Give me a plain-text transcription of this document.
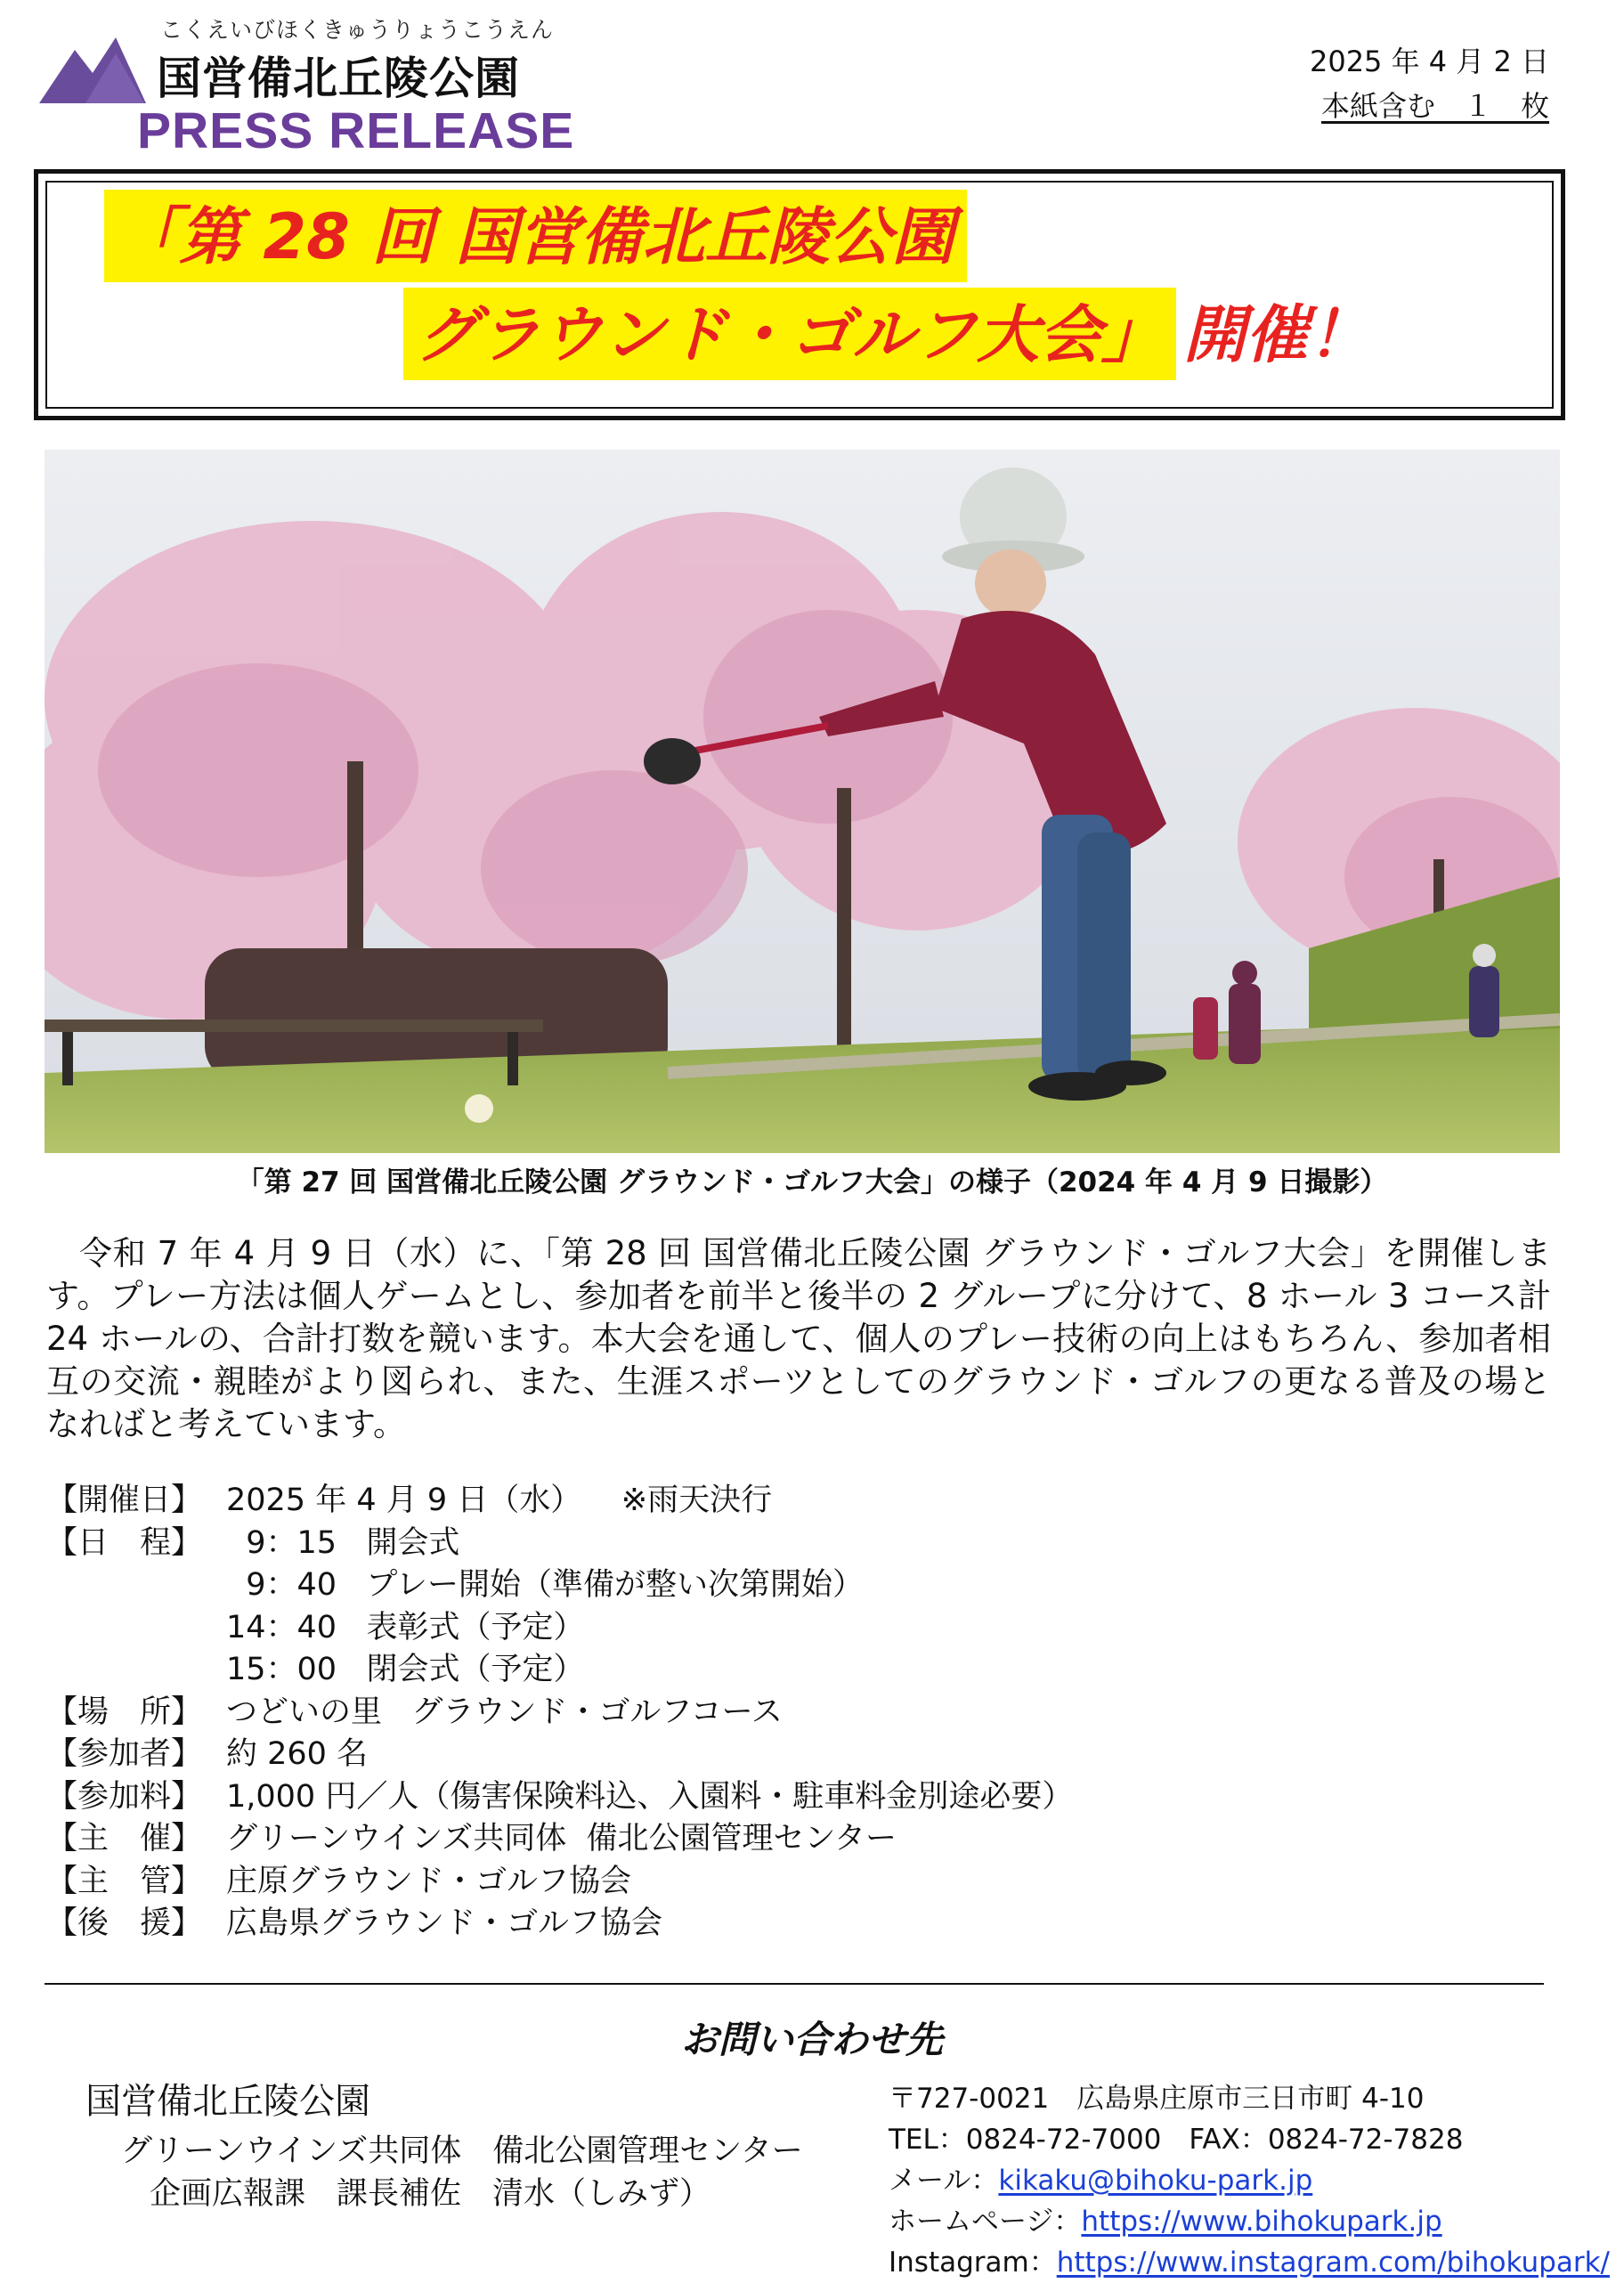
こくえいびほくきゅうりょうこうえん
国営備北丘陵公園
PRESS RELEASE
2025 年 4 月 2 日
本紙含む　１　枚
「第 28 回 国営備北丘陵公園
グラウンド・ゴルフ大会」 開催！
「第 27 回 国営備北丘陵公園 グラウンド・ゴルフ大会」の様子（2024 年 4 月 9 日撮影）
令和 7 年 4 月 9 日（水）に、「第 28 回 国営備北丘陵公園 グラウンド・ゴルフ大会」を開催します。プレー方法は個人ゲームとし、参加者を前半と後半の 2 グループに分けて、8 ホール 3 コース計 24 ホールの、合計打数を競います。本大会を通して、個人のプレー技術の向上はもちろん、参加者相互の交流・親睦がより図られ、また、生涯スポーツとしてのグラウンド・ゴルフの更なる普及の場となればと考えています。
【開催日】 2025 年 4 月 9 日（水）    ※雨天決行
【日　程】 9：15   開会式
9：40   プレー開始（準備が整い次第開始）
14：40   表彰式（予定）
15：00   閉会式（予定）
【場　所】 つどいの里   グラウンド・ゴルフコース
【参加者】 約 260 名
【参加料】 1,000 円／人（傷害保険料込、入園料・駐車料金別途必要）
【主　催】 グリーンウインズ共同体  備北公園管理センター
【主　管】 庄原グラウンド・ゴルフ協会
【後　援】 広島県グラウンド・ゴルフ協会
お問い合わせ先
国営備北丘陵公園
グリーンウインズ共同体　備北公園管理センター
企画広報課　課長補佐　清水（しみず）
〒727-0021　広島県庄原市三日市町 4-10
TEL：0824-72-7000　FAX：0824-72-7828
メール：kikaku@bihoku-park.jp
ホームページ：https://www.bihokupark.jp
Instagram：https://www.instagram.com/bihokupark/
